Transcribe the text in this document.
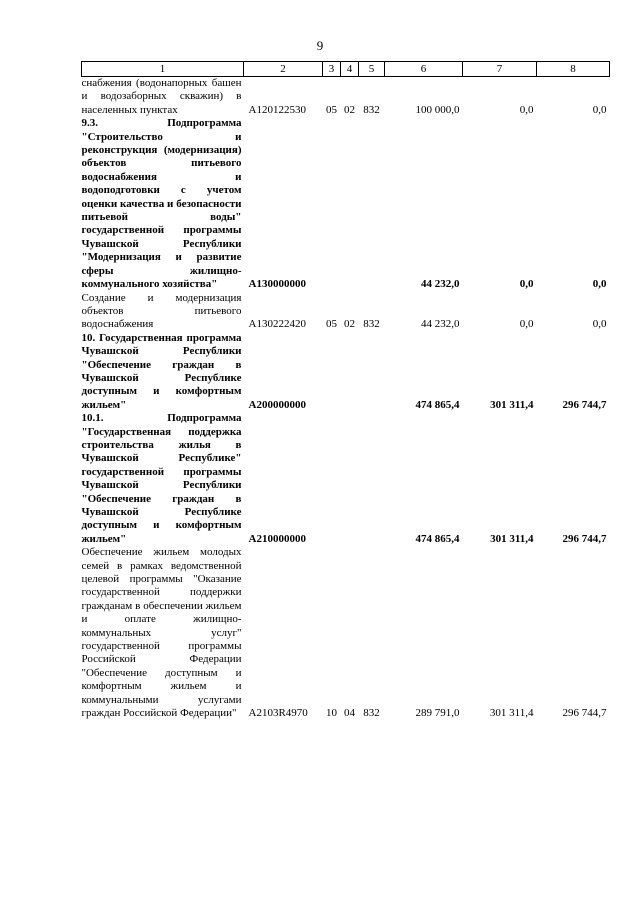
9
1	2	3	4	5	6	7	8
снабжения (водонапорных башен и водозаборных скважин) в населенных пунктах	А120122530	05	02	832	100 000,0	0,0	0,0
9.3. Подпрограмма "Строительство и реконструкция (модернизация) объектов питьевого водоснабжения и водоподготовки с учетом оценки качества и безопасности питьевой воды" государственной программы Чувашской Республики "Модернизация и развитие сферы жилищно-коммунального хозяйства"	А130000000				44 232,0	0,0	0,0
Создание и модернизация объектов питьевого водоснабжения	А130222420	05	02	832	44 232,0	0,0	0,0
10. Государственная программа Чувашской Республики "Обеспечение граждан в Чувашской Республике доступным и комфортным жильем"	А200000000				474 865,4	301 311,4	296 744,7
10.1. Подпрограмма "Государственная поддержка строительства жилья в Чувашской Республике" государственной программы Чувашской Республики "Обеспечение граждан в Чувашской Республике доступным и комфортным жильем"	А210000000				474 865,4	301 311,4	296 744,7
Обеспечение жильем молодых семей в рамках ведомственной целевой программы "Оказание государственной поддержки гражданам в обеспечении жильем и оплате жилищно-коммунальных услуг" государственной программы Российской Федерации "Обеспечение доступным и комфортным жильем и коммунальными услугами граждан Российской Федерации"	А2103R4970	10	04	832	289 791,0	301 311,4	296 744,7
